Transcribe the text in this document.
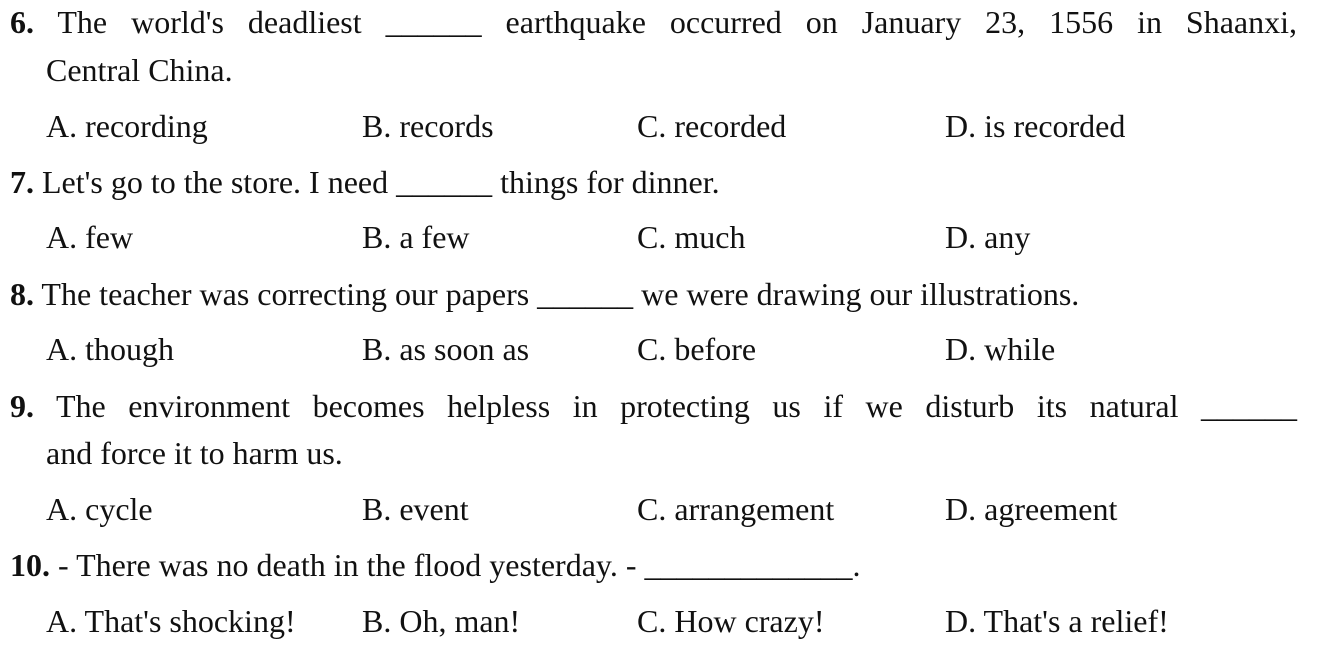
6. The world's deadliest ______ earthquake occurred on January 23, 1556 in Shaanxi,
Central China.
A. recording	B. records	C. recorded	D. is recorded
7. Let's go to the store. I need ______ things for dinner.
A. few	B. a few	C. much	D. any
8. The teacher was correcting our papers ______ we were drawing our illustrations.
A. though	B. as soon as	C. before	D. while
9. The environment becomes helpless in protecting us if we disturb its natural ______
and force it to harm us.
A. cycle	B. event	C. arrangement	D. agreement
10. - There was no death in the flood yesterday. - _____________.
A. That's shocking! B. Oh, man!	C. How crazy!	D. That's a relief!
